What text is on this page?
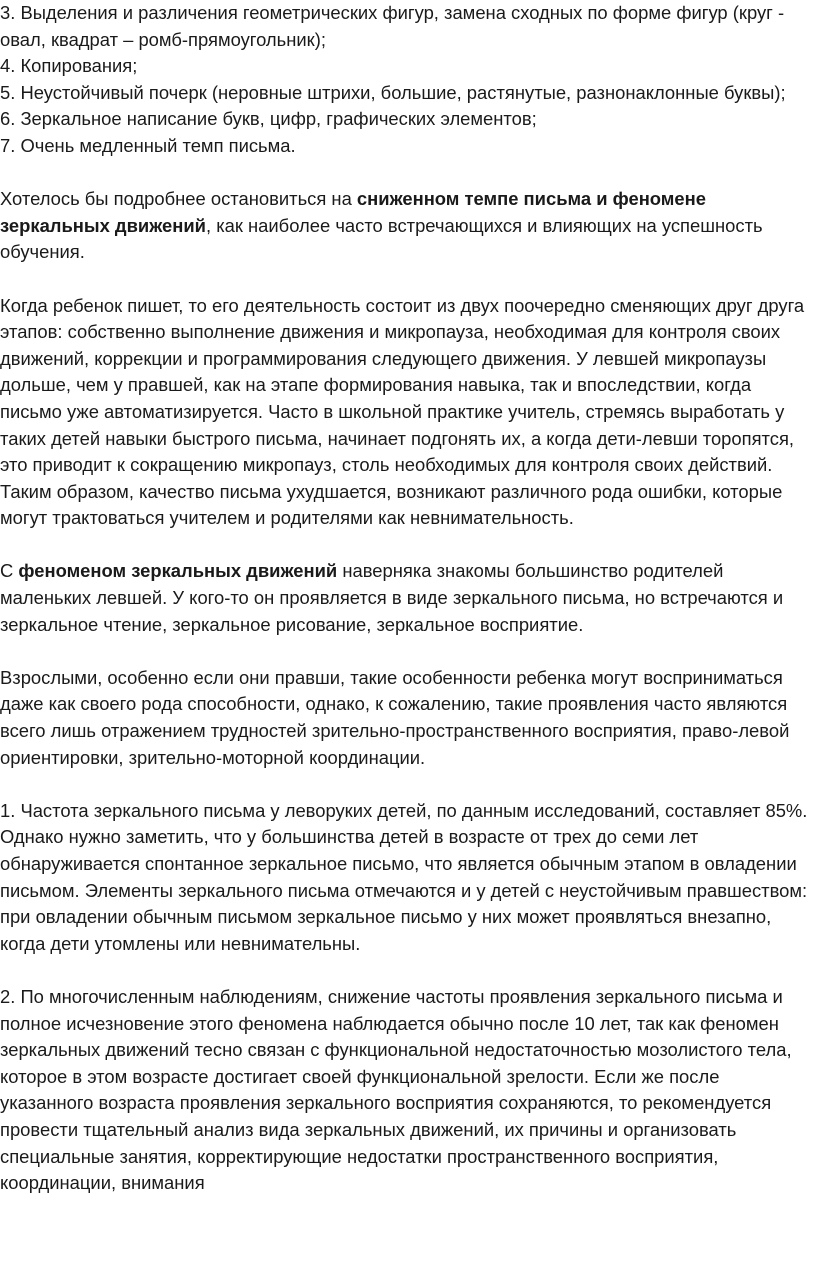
3. Выделения и различения геометрических фигур, замена сходных по форме фигур (круг - овал, квадрат – ромб-прямоугольник);
4. Копирования;
5. Неустойчивый почерк (неровные штрихи, большие, растянутые, разнонаклонные буквы);
6. Зеркальное написание букв, цифр, графических элементов;
7. Очень медленный темп письма.

Хотелось бы подробнее остановиться на сниженном темпе письма и феномене зеркальных движений, как наиболее часто встречающихся и влияющих на успешность обучения.

Когда ребенок пишет, то его деятельность состоит из двух поочередно сменяющих друг друга этапов: собственно выполнение движения и микропауза, необходимая для контроля своих движений, коррекции и программирования следующего движения. У левшей микропаузы дольше, чем у правшей, как на этапе формирования навыка, так и впоследствии, когда письмо уже автоматизируется. Часто в школьной практике учитель, стремясь выработать у таких детей навыки быстрого письма, начинает подгонять их, а когда дети-левши торопятся, это приводит к сокращению микропауз, столь необходимых для контроля своих действий. Таким образом, качество письма ухудшается, возникают различного рода ошибки, которые могут трактоваться учителем и родителями как невнимательность.

С феноменом зеркальных движений наверняка знакомы большинство родителей маленьких левшей. У кого-то он проявляется в виде зеркального письма, но встречаются и зеркальное чтение, зеркальное рисование, зеркальное восприятие.

Взрослыми, особенно если они правши, такие особенности ребенка могут восприниматься даже как своего рода способности, однако, к сожалению, такие проявления часто являются всего лишь отражением трудностей зрительно-пространственного восприятия, право-левой ориентировки, зрительно-моторной координации.

1. Частота зеркального письма у леворуких детей, по данным исследований, составляет 85%. Однако нужно заметить, что у большинства детей в возрасте от трех до семи лет обнаруживается спонтанное зеркальное письмо, что является обычным этапом в овладении письмом. Элементы зеркального письма отмечаются и у детей с неустойчивым правшеством: при овладении обычным письмом зеркальное письмо у них может проявляться внезапно, когда дети утомлены или невнимательны.

2. По многочисленным наблюдениям, снижение частоты проявления зеркального письма и полное исчезновение этого феномена наблюдается обычно после 10 лет, так как феномен зеркальных движений тесно связан с функциональной недостаточностью мозолистого тела, которое в этом возрасте достигает своей функциональной зрелости. Если же после указанного возраста проявления зеркального восприятия сохраняются, то рекомендуется провести тщательный анализ вида зеркальных движений, их причины и организовать специальные занятия, корректирующие недостатки пространственного восприятия, координации, внимания
